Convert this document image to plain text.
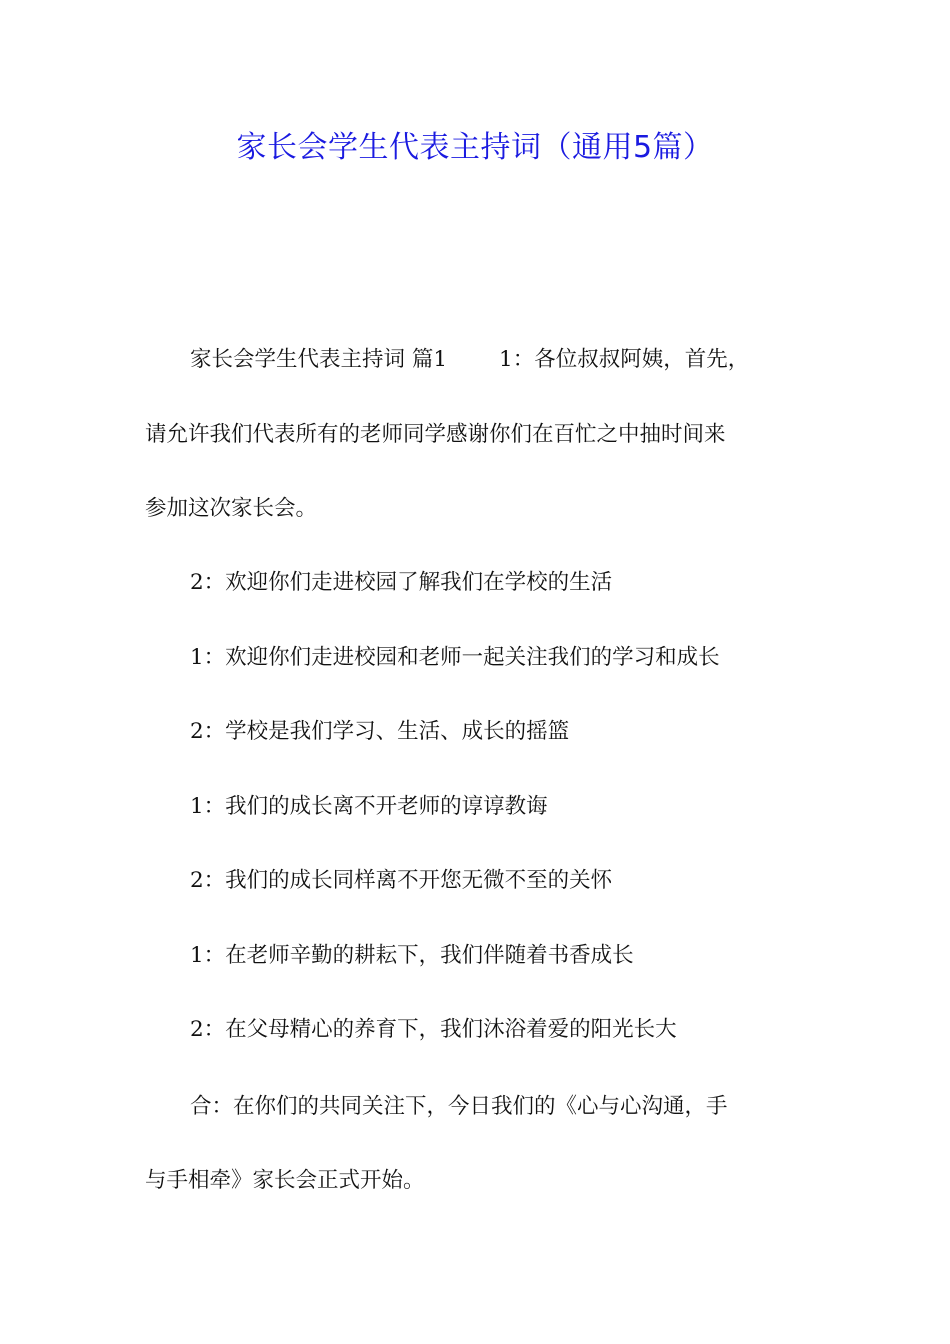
家长会学生代表主持词（通用5篇）
家长会学生代表主持词 篇1 1：各位叔叔阿姨，首先，
请允许我们代表所有的老师同学感谢你们在百忙之中抽时间来
参加这次家长会。
2：欢迎你们走进校园了解我们在学校的生活
1：欢迎你们走进校园和老师一起关注我们的学习和成长
2：学校是我们学习、生活、成长的摇篮
1：我们的成长离不开老师的谆谆教诲
2：我们的成长同样离不开您无微不至的关怀
1：在老师辛勤的耕耘下，我们伴随着书香成长
2：在父母精心的养育下，我们沐浴着爱的阳光长大
合：在你们的共同关注下，今日我们的《心与心沟通，手
与手相牵》家长会正式开始。
